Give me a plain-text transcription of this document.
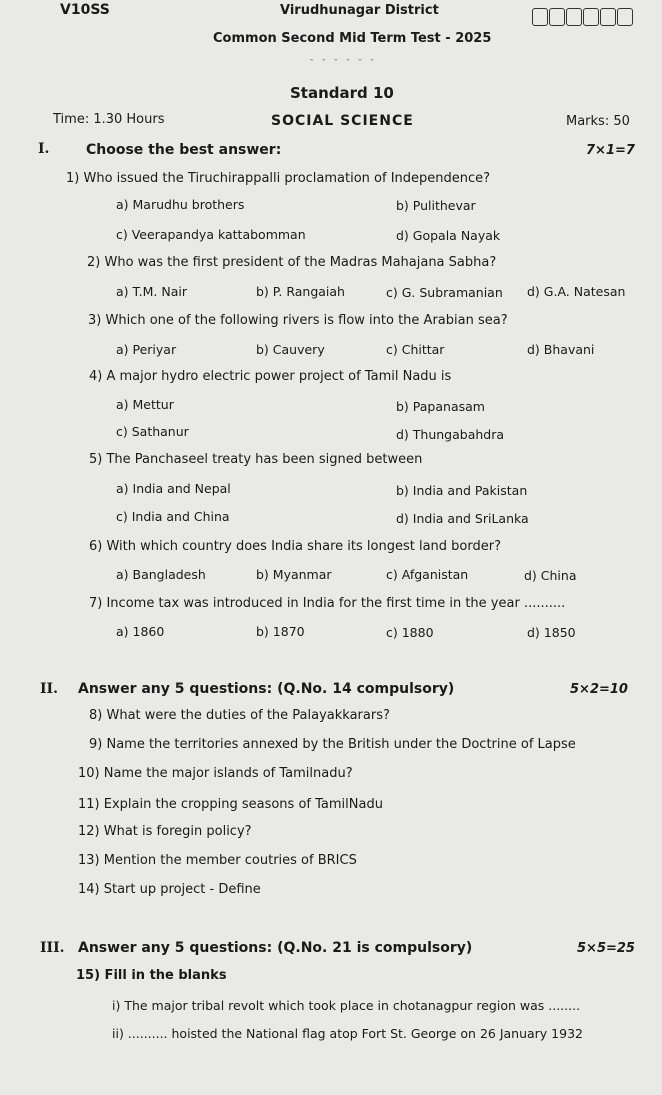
V10SS	Virudhunagar District
Common Second Mid Term Test - 2025
- - - - - -
Standard 10
Time: 1.30 Hours	SOCIAL SCIENCE	Marks: 50
I.	Choose the best answer:	7×1=7
1) Who issued the Tiruchirappalli proclamation of Independence?
a) Marudhu brothers	b) Pulithevar
c) Veerapandya kattabomman	d) Gopala Nayak
2) Who was the first president of the Madras Mahajana Sabha?
a) T.M. Nair	b) P. Rangaiah	c) G. Subramanian d) G.A. Natesan
3) Which one of the following rivers is flow into the Arabian sea?
a) Periyar	b) Cauvery	c) Chittar	d) Bhavani
4) A major hydro electric power project of Tamil Nadu is
a) Mettur	b) Papanasam
c) Sathanur	d) Thungabahdra
5) The Panchaseel treaty has been signed between
a) India and Nepal	b) India and Pakistan
c) India and China	d) India and SriLanka
6) With which country does India share its longest land border?
a) Bangladesh	b) Myanmar	c) Afganistan	d) China
7) Income tax was introduced in India for the first time in the year ..........
a) 1860	b) 1870	c) 1880	d) 1850
II. Answer any 5 questions: (Q.No. 14 compulsory)	5×2=10
8) What were the duties of the Palayakkarars?
9) Name the territories annexed by the British under the Doctrine of Lapse
10) Name the major islands of Tamilnadu?
11) Explain the cropping seasons of TamilNadu
12) What is foregin policy?
13) Mention the member coutries of BRICS
14) Start up project - Define
III. Answer any 5 questions: (Q.No. 21 is compulsory)	5×5=25
15) Fill in the blanks
i) The major tribal revolt which took place in chotanagpur region was ........
ii) .......... hoisted the National flag atop Fort St. George on 26 January 1932
